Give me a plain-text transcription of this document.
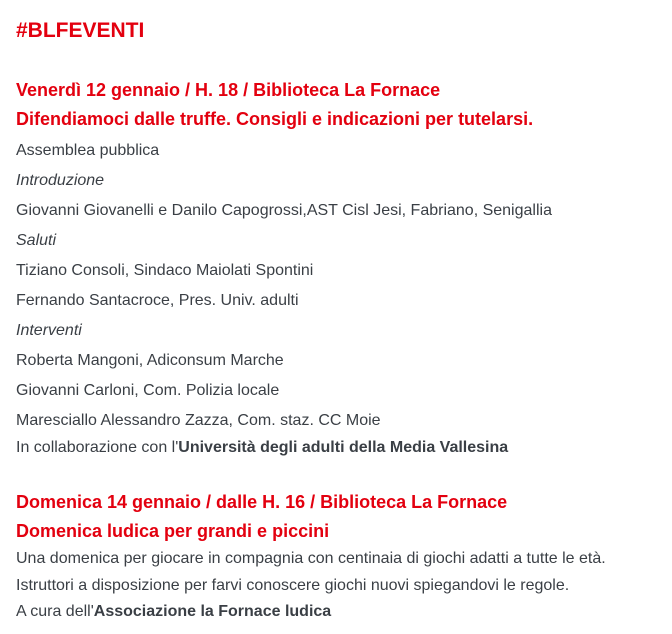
#BLFEVENTI
Venerdì 12 gennaio / H. 18 / Biblioteca La Fornace
Difendiamoci dalle truffe. Consigli e indicazioni per tutelarsi.
Assemblea pubblica
Introduzione
Giovanni Giovanelli e Danilo Capogrossi,AST Cisl Jesi, Fabriano, Senigallia
Saluti
Tiziano Consoli, Sindaco Maiolati Spontini
Fernando Santacroce, Pres. Univ. adulti
Interventi
Roberta Mangoni, Adiconsum Marche
Giovanni Carloni, Com. Polizia locale
Maresciallo Alessandro Zazza, Com. staz. CC Moie
In collaborazione con l'Università degli adulti della Media Vallesina
Domenica 14 gennaio / dalle H. 16 / Biblioteca La Fornace
Domenica ludica per grandi e piccini
Una domenica per giocare in compagnia con centinaia di giochi adatti a tutte le età.
Istruttori a disposizione per farvi conoscere giochi nuovi spiegandovi le regole.
A cura dell'Associazione la Fornace ludica
